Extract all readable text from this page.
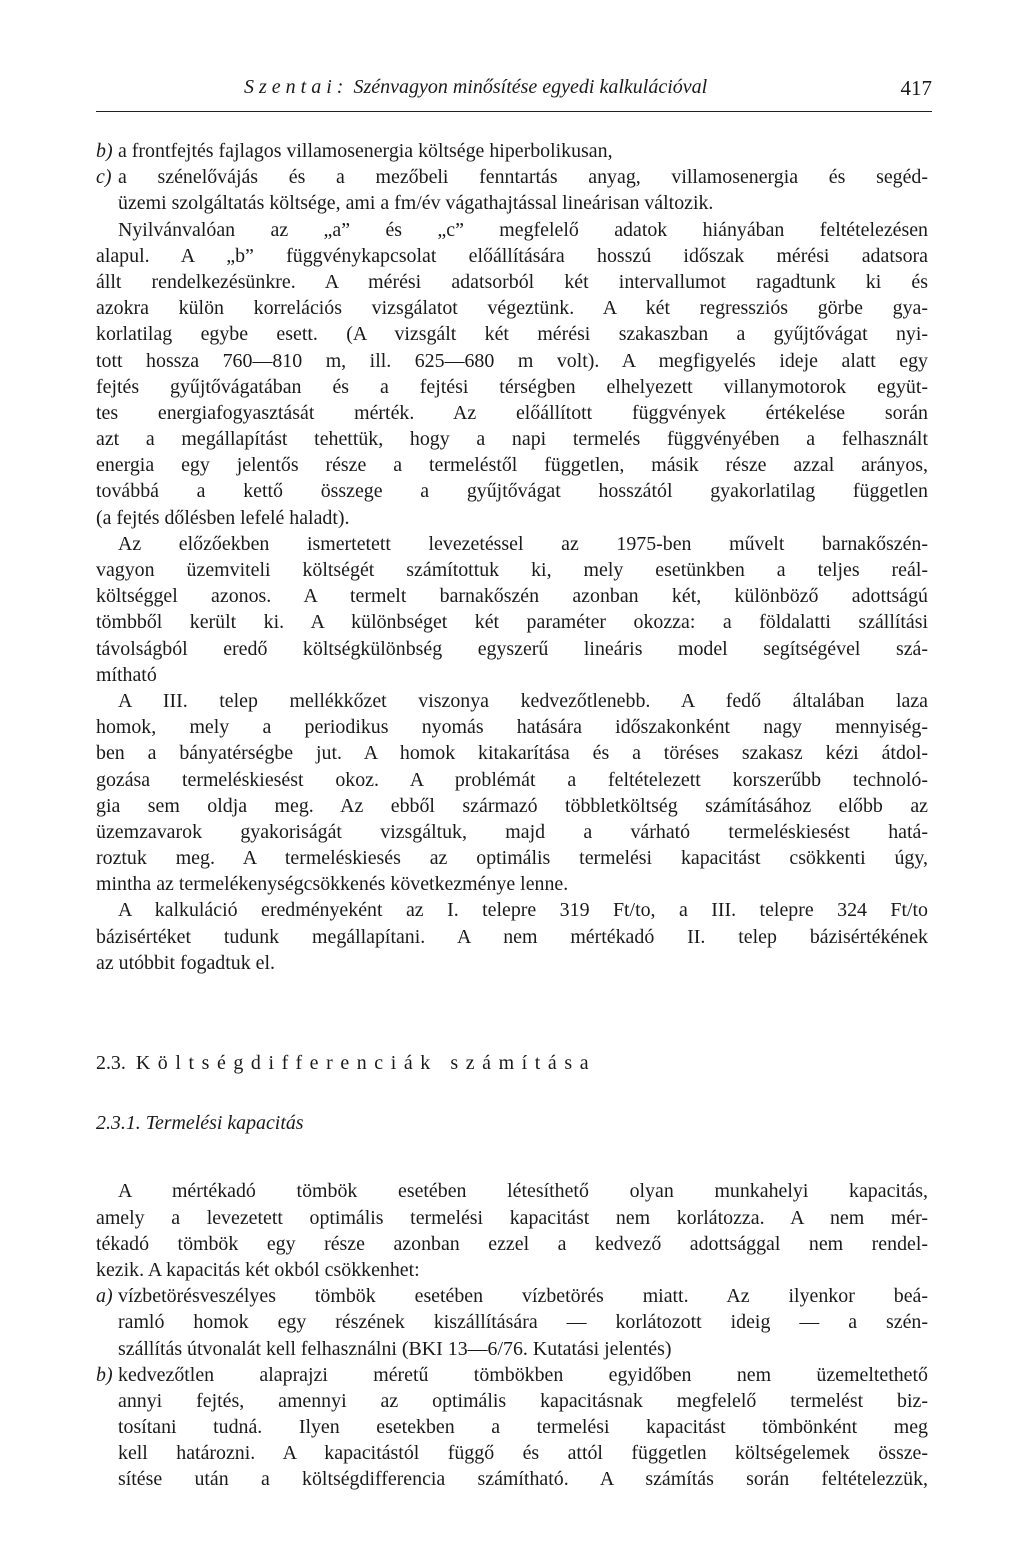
Szentai: Szénvagyon minősítése egyedi kalkulációval	417
b) a frontfejtés fajlagos villamosenergia költsége hiperbolikusan,
c) a szénelővájás és a mezőbeli fenntartás anyag, villamosenergia és segéd-
üzemi szolgáltatás költsége, ami a fm/év vágathajtással lineárisan változik.
Nyilvánvalóan az „a” és „c” megfelelő adatok hiányában feltételezésen
alapul. A „b” függvénykapcsolat előállítására hosszú időszak mérési adatsora
állt rendelkezésünkre. A mérési adatsorból két intervallumot ragadtunk ki és
azokra külön korrelációs vizsgálatot végeztünk. A két regressziós görbe gya-
korlatilag egybe esett. (A vizsgált két mérési szakaszban a gyűjtővágat nyi-
tott hossza 760—810 m, ill. 625—680 m volt). A megfigyelés ideje alatt egy
fejtés gyűjtővágatában és a fejtési térségben elhelyezett villanymotorok együt-
tes energiafogyasztását mérték. Az előállított függvények értékelése során
azt a megállapítást tehettük, hogy a napi termelés függvényében a felhasznált
energia egy jelentős része a termeléstől független, másik része azzal arányos,
továbbá a kettő összege a gyűjtővágat hosszától gyakorlatilag független
(a fejtés dőlésben lefelé haladt).
Az előzőekben ismertetett levezetéssel az 1975-ben művelt barnakőszén-
vagyon üzemviteli költségét számítottuk ki, mely esetünkben a teljes reál-
költséggel azonos. A termelt barnakőszén azonban két, különböző adottságú
tömbből került ki. A különbséget két paraméter okozza: a földalatti szállítási
távolságból eredő költségkülönbség egyszerű lineáris model segítségével szá-
mítható
A III. telep mellékkőzet viszonya kedvezőtlenebb. A fedő általában laza
homok, mely a periodikus nyomás hatására időszakonként nagy mennyiség-
ben a bányatérségbe jut. A homok kitakarítása és a töréses szakasz kézi átdol-
gozása termeléskiesést okoz. A problémát a feltételezett korszerűbb technoló-
gia sem oldja meg. Az ebből származó többletköltség számításához előbb az
üzemzavarok gyakoriságát vizsgáltuk, majd a várható termeléskiesést hatá-
roztuk meg. A termeléskiesés az optimális termelési kapacitást csökkenti úgy,
mintha az termelékenységcsökkenés következménye lenne.
A kalkuláció eredményeként az I. telepre 319 Ft/to, a III. telepre 324 Ft/to
bázisértéket tudunk megállapítani. A nem mértékadó II. telep bázisértékének
az utóbbit fogadtuk el.
2.3. Költségdifferenciák számítása
2.3.1. Termelési kapacitás
A mértékadó tömbök esetében létesíthető olyan munkahelyi kapacitás,
amely a levezetett optimális termelési kapacitást nem korlátozza. A nem mér-
tékadó tömbök egy része azonban ezzel a kedvező adottsággal nem rendel-
kezik. A kapacitás két okból csökkenhet:
a) vízbetörésveszélyes tömbök esetében vízbetörés miatt. Az ilyenkor beá-
ramló homok egy részének kiszállítására — korlátozott ideig — a szén-
szállítás útvonalát kell felhasználni (BKI 13—6/76. Kutatási jelentés)
b) kedvezőtlen alaprajzi méretű tömbökben egyidőben nem üzemeltethető
annyi fejtés, amennyi az optimális kapacitásnak megfelelő termelést biz-
tosítani tudná. Ilyen esetekben a termelési kapacitást tömbönként meg
kell határozni. A kapacitástól függő és attól független költségelemek össze-
sítése után a költségdifferencia számítható. A számítás során feltételezzük,
